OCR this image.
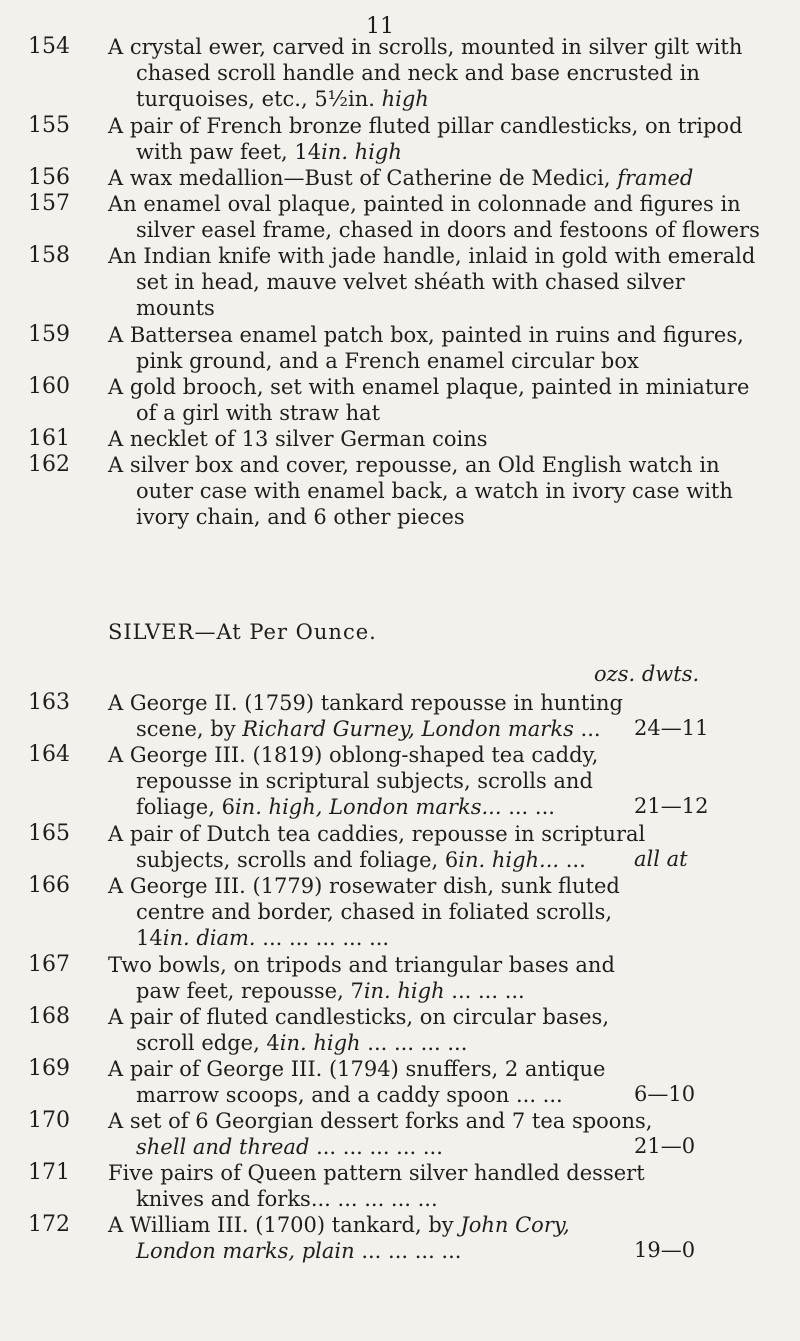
11
154 A crystal ewer, carved in scrolls, mounted in silver gilt with
chased scroll handle and neck and base encrusted in
turquoises, etc., 5½in. high
155 A pair of French bronze fluted pillar candlesticks, on tripod
with paw feet, 14in. high
156 A wax medallion—Bust of Catherine de Medici, framed
157 An enamel oval plaque, painted in colonnade and figures in
silver easel frame, chased in doors and festoons of flowers
158 An Indian knife with jade handle, inlaid in gold with emerald
set in head, mauve velvet shéath with chased silver
mounts
159 A Battersea enamel patch box, painted in ruins and figures,
pink ground, and a French enamel circular box
160 A gold brooch, set with enamel plaque, painted in miniature
of a girl with straw hat
161 A necklet of 13 silver German coins
162 A silver box and cover, repousse, an Old English watch in
outer case with enamel back, a watch in ivory case with
ivory chain, and 6 other pieces
SILVER—At Per Ounce.
ozs. dwts.
163 A George II. (1759) tankard repousse in hunting
scene, by Richard Gurney, London marks ...	24—11
164 A George III. (1819) oblong-shaped tea caddy,
repousse in scriptural subjects, scrolls and
foliage, 6in. high, London marks... ... ...	21—12
165 A pair of Dutch tea caddies, repousse in scriptural
subjects, scrolls and foliage, 6in. high... ...	all at
166 A George III. (1779) rosewater dish, sunk fluted
centre and border, chased in foliated scrolls,
14in. diam. ... ... ... ... ...
167 Two bowls, on tripods and triangular bases and
paw feet, repousse, 7in. high ... ... ...
168 A pair of fluted candlesticks, on circular bases,
scroll edge, 4in. high ... ... ... ...
169 A pair of George III. (1794) snuffers, 2 antique
marrow scoops, and a caddy spoon ... ...	6—10
170 A set of 6 Georgian dessert forks and 7 tea spoons,
shell and thread ... ... ... ... ...	21—0
171 Five pairs of Queen pattern silver handled dessert
knives and forks... ... ... ... ...
172 A William III. (1700) tankard, by John Cory,
London marks, plain ... ... ... ...	19—0
